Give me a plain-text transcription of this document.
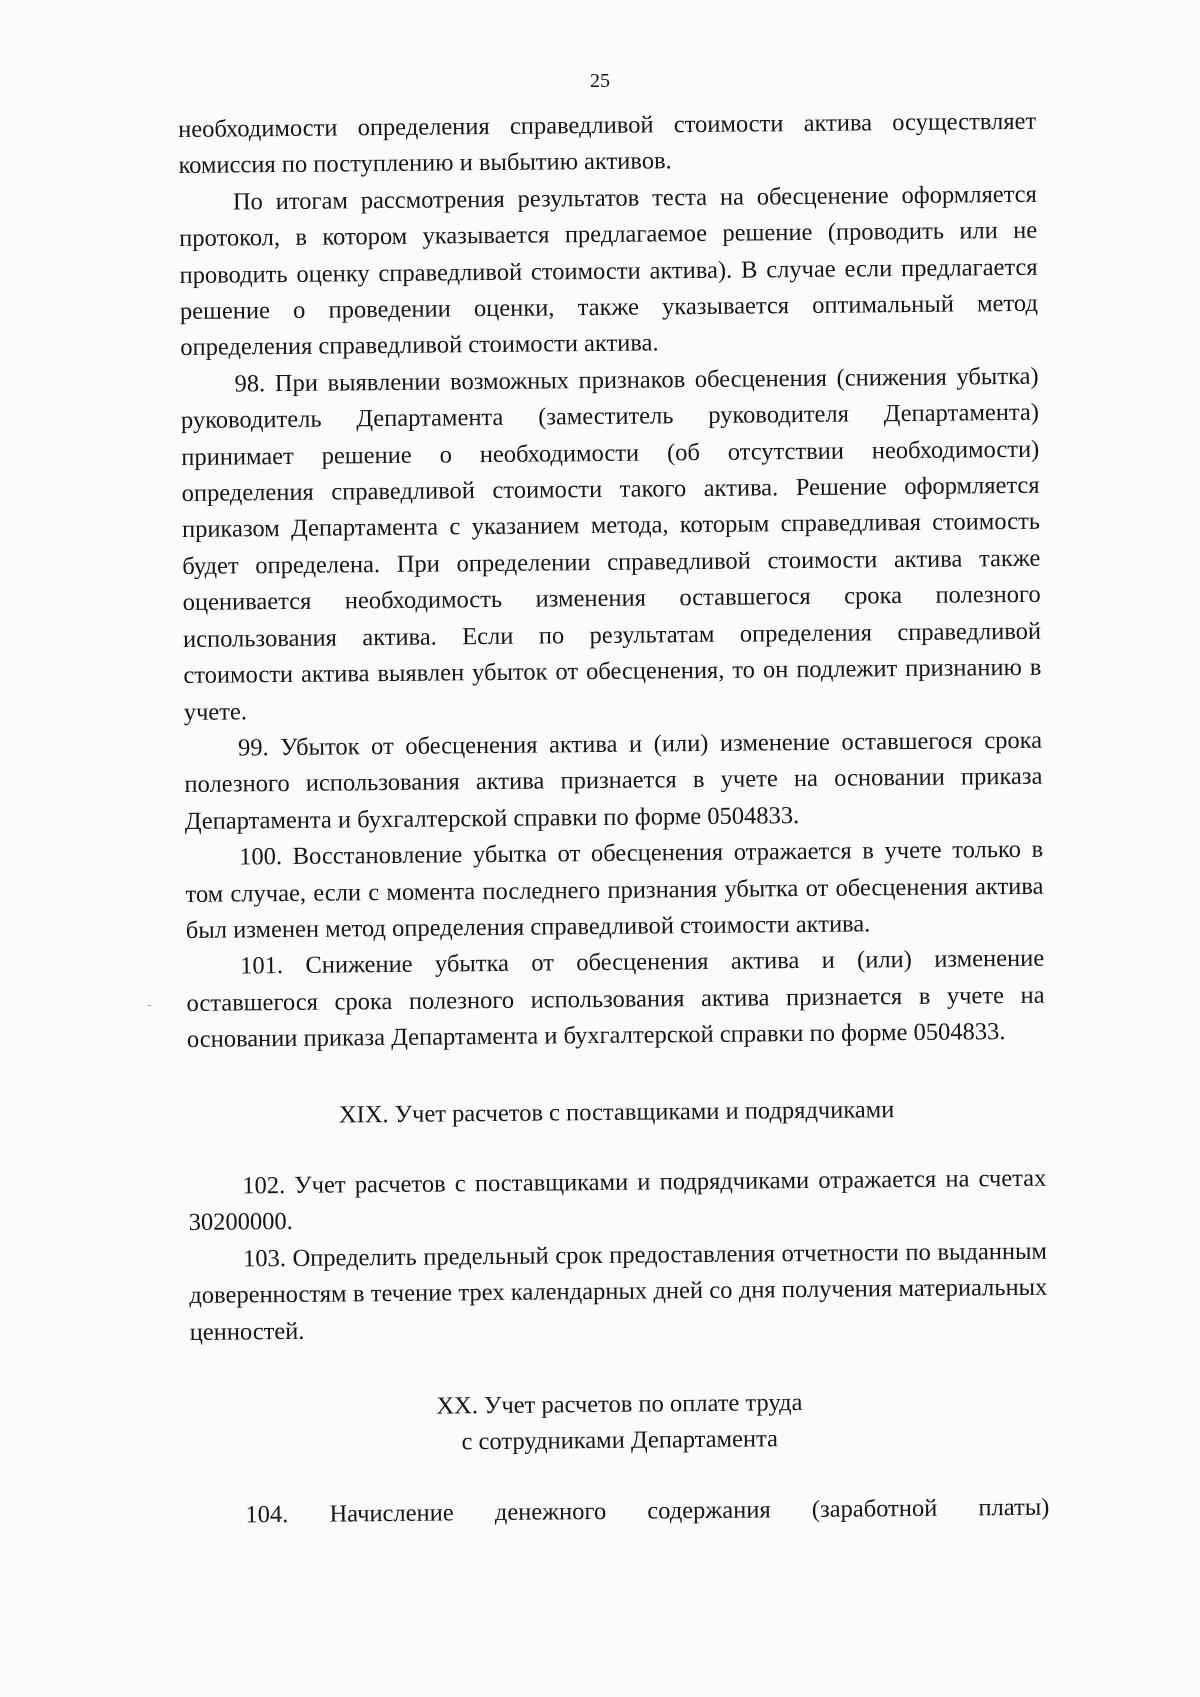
25

необходимости определения справедливой стоимости актива осуществляет комиссия по поступлению и выбытию активов.

По итогам рассмотрения результатов теста на обесценение оформляется протокол, в котором указывается предлагаемое решение (проводить или не проводить оценку справедливой стоимости актива). В случае если предлагается решение о проведении оценки, также указывается оптимальный метод определения справедливой стоимости актива.

98. При выявлении возможных признаков обесценения (снижения убытка) руководитель Департамента (заместитель руководителя Департамента) принимает решение о необходимости (об отсутствии необходимости) определения справедливой стоимости такого актива. Решение оформляется приказом Департамента с указанием метода, которым справедливая стоимость будет определена. При определении справедливой стоимости актива также оценивается необходимость изменения оставшегося срока полезного использования актива. Если по результатам определения справедливой стоимости актива выявлен убыток от обесценения, то он подлежит признанию в учете.

99. Убыток от обесценения актива и (или) изменение оставшегося срока полезного использования актива признается в учете на основании приказа Департамента и бухгалтерской справки по форме 0504833.

100. Восстановление убытка от обесценения отражается в учете только в том случае, если с момента последнего признания убытка от обесценения актива был изменен метод определения справедливой стоимости актива.

101. Снижение убытка от обесценения актива и (или) изменение оставшегося срока полезного использования актива признается в учете на основании приказа Департамента и бухгалтерской справки по форме 0504833.

XIX. Учет расчетов с поставщиками и подрядчиками

102. Учет расчетов с поставщиками и подрядчиками отражается на счетах 30200000.

103. Определить предельный срок предоставления отчетности по выданным доверенностям в течение трех календарных дней со дня получения материальных ценностей.

XX. Учет расчетов по оплате труда

с сотрудниками Департамента

104. Начисление денежного содержания (заработной платы)
